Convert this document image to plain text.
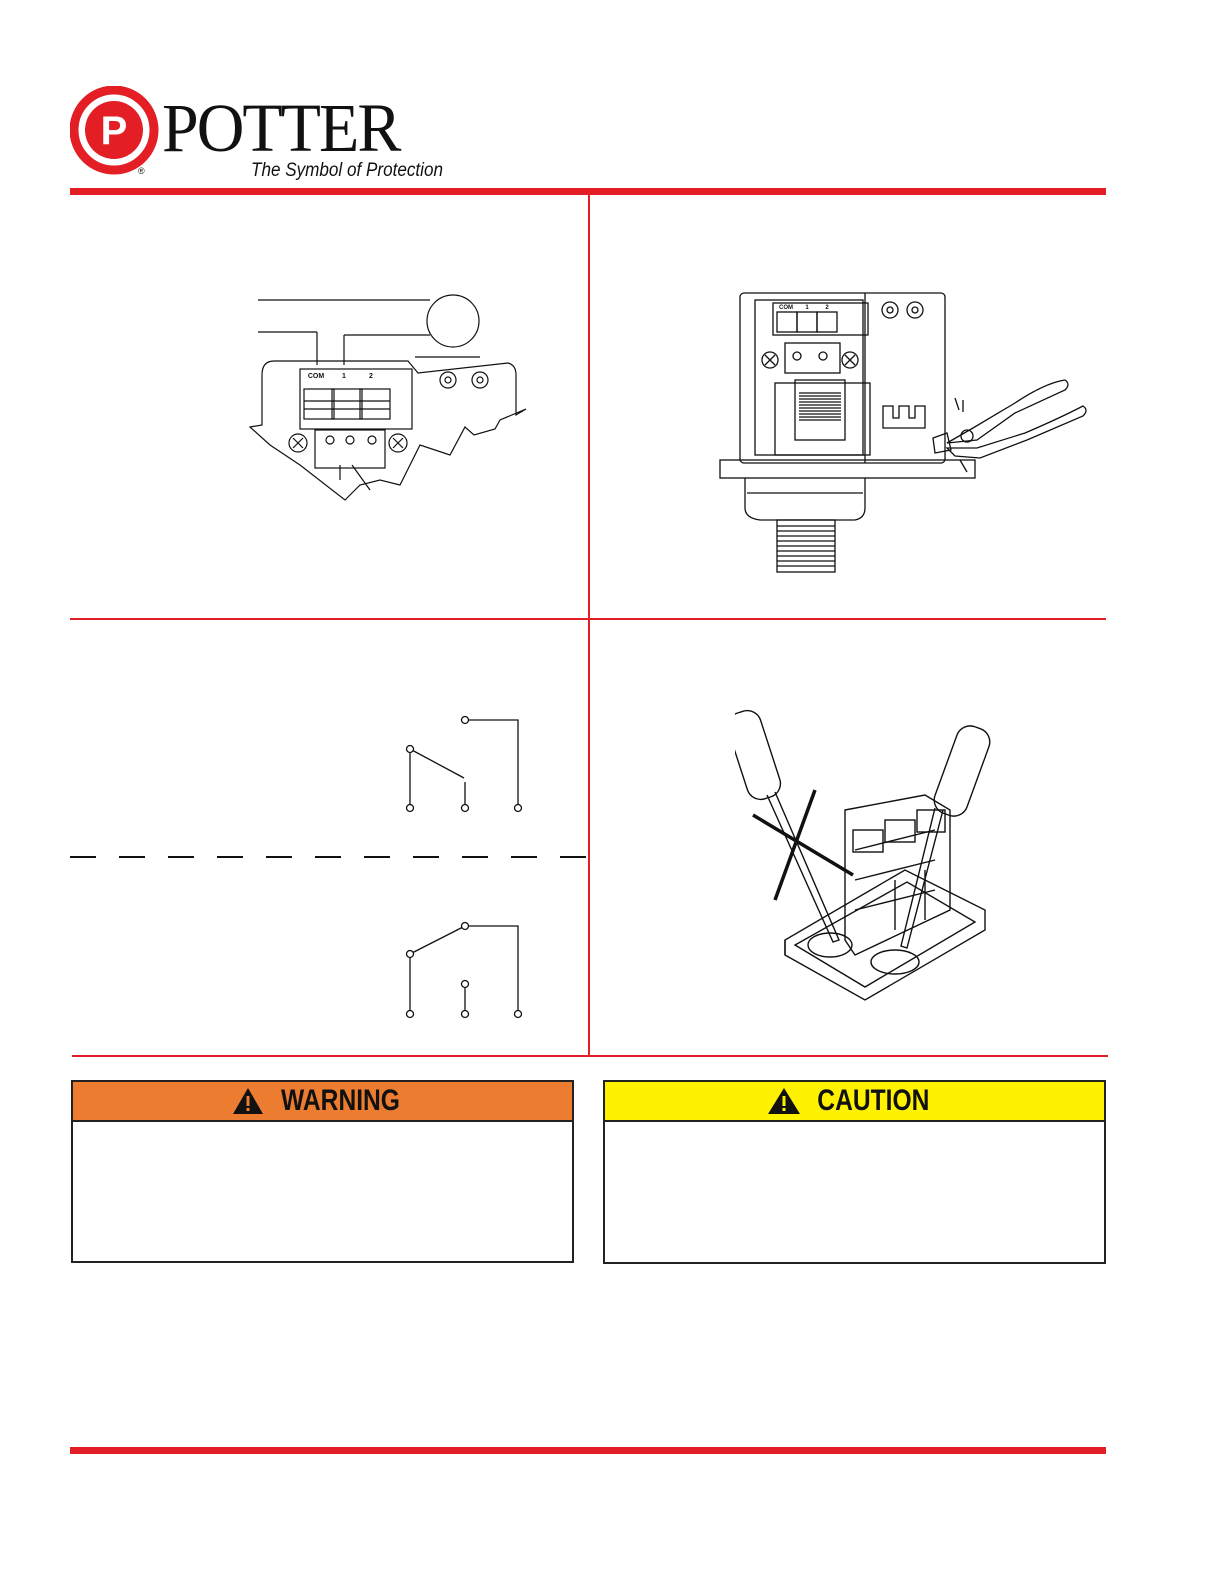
P
®
POTTER
The Symbol of Protection
COM	1	2
COM 1	2
WARNING	CAUTION
